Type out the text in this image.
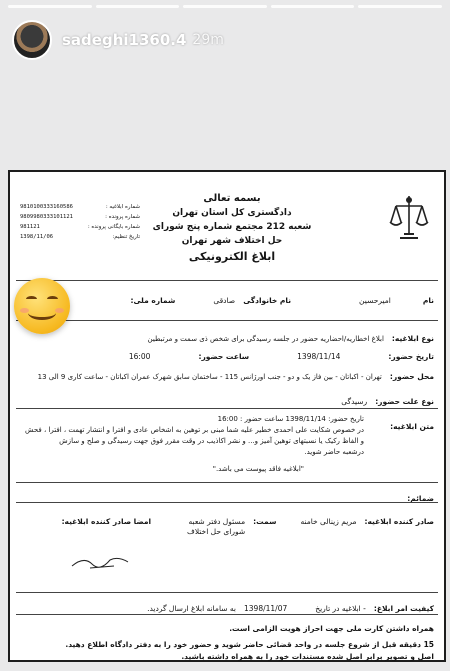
sadeghi1360.4 29m
بسمه تعالی
دادگستری کل استان تهران
شعبه 212 مجتمع شماره پنج شورای
حل اختلاف شهر تهران
ابلاغ الکترونیکی
شماره ابلاغیه :
9810100333160586
شماره پرونده :
9809980333101121
شماره بایگانی پرونده :
981121
تاریخ تنظیم:
1398/11/06
نام
امیرحسین
نام خانوادگی
صادقی
شماره ملی:
نوع ابلاغیه:
ابلاغ اخطاریه/احضاریه حضور در جلسه رسیدگی برای شخص ذی سمت و مرتبطین
تاریخ حضور:
1398/11/14
ساعت حضور:
16:00
محل حضور:
تهران - اکباتان - بین فاز یک و دو - جنب اورژانس 115 - ساختمان سابق شهرک عمران اکباتان - ساعت کاری 9 الی 13
نوع علت حضور:
رسیدگی
متن ابلاغیه:
تاریخ حضور: 1398/11/14 ساعت حضور : 16:00
در خصوص شکایت علی احمدی خطیر علیه شما مبنی بر توهین به اشخاص عادی و افترا و انتشار تهمت ، افترا ، فحش و الفاظ رکیک یا نسبتهای توهین آمیز و... و نشر اکاذیب در وقت مقرر فوق جهت رسیدگی و صلح و سازش
درشعبه حاضر شوید.
"ابلاغیه فاقد پیوست می باشد."
ضمائم:
صادر کننده ابلاغیه:
مریم زینالی خامنه
سمت:
مسئول دفتر شعبه شورای حل اختلاف
امضا صادر کننده ابلاغیه:
کیفیت امر ابلاغ:
- ابلاغیه در تاریخ
1398/11/07
به سامانه ابلاغ ارسال گردید.
همراه داشتن کارت ملی جهت احراز هویت الزامی است.
15 دقیقه قبل از شروع جلسه در واحد قضائی حاضر شوید و حضور خود را به دفتر دادگاه اطلاع دهید.
اصل و تصویر برابر اصل شده مستندات خود را به همراه داشته باشید.
